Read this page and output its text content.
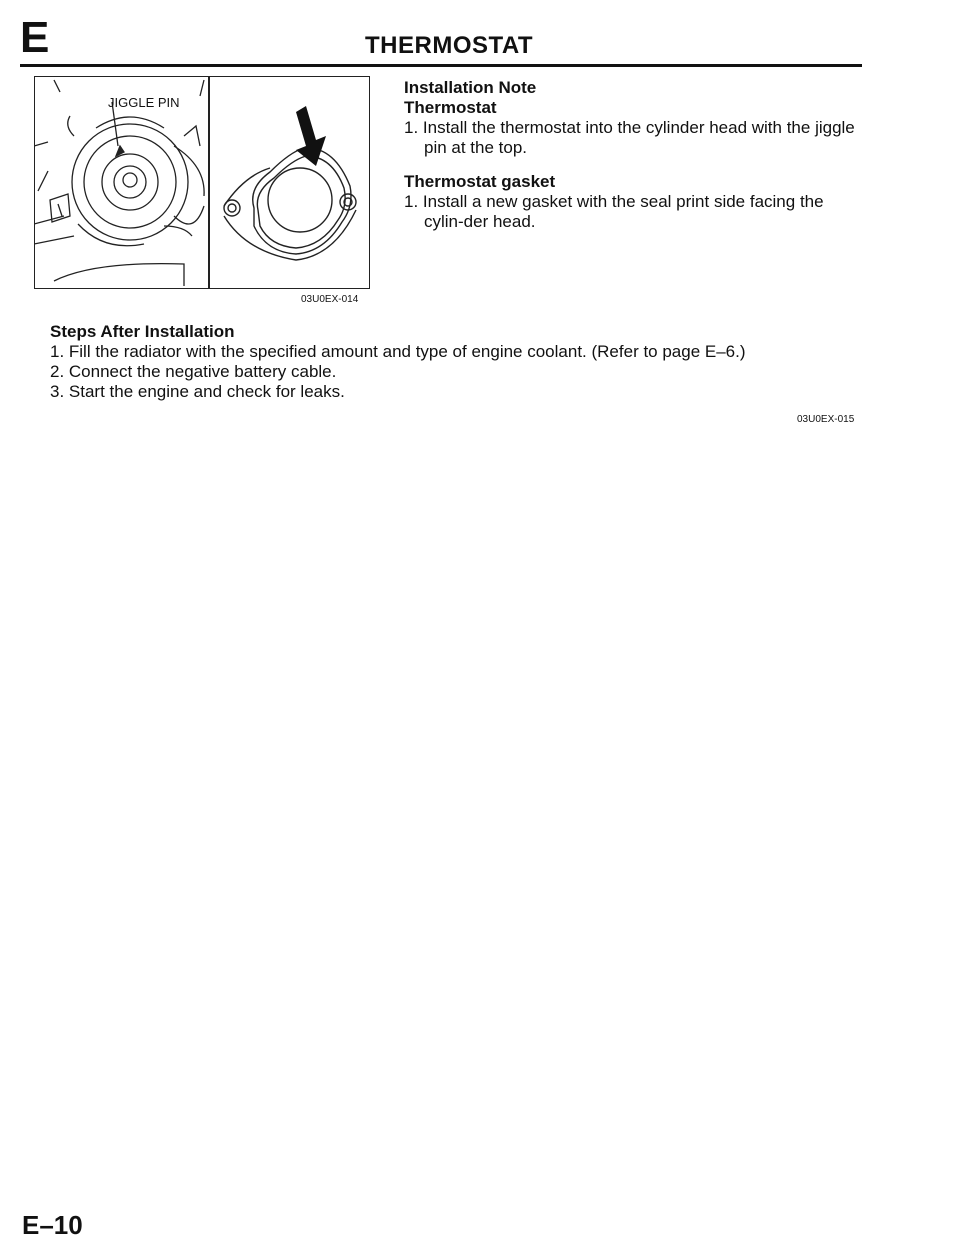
E	THERMOSTAT
JIGGLE PIN
03U0EX-014
Installation Note
Thermostat
1. Install the thermostat into the cylinder head with the jiggle pin at the top.
Thermostat gasket
1. Install a new gasket with the seal print side facing the cylin-der head.
Steps After Installation
1. Fill the radiator with the specified amount and type of engine coolant. (Refer to page E–6.)
2. Connect the negative battery cable.
3. Start the engine and check for leaks.
03U0EX-015
E–10
